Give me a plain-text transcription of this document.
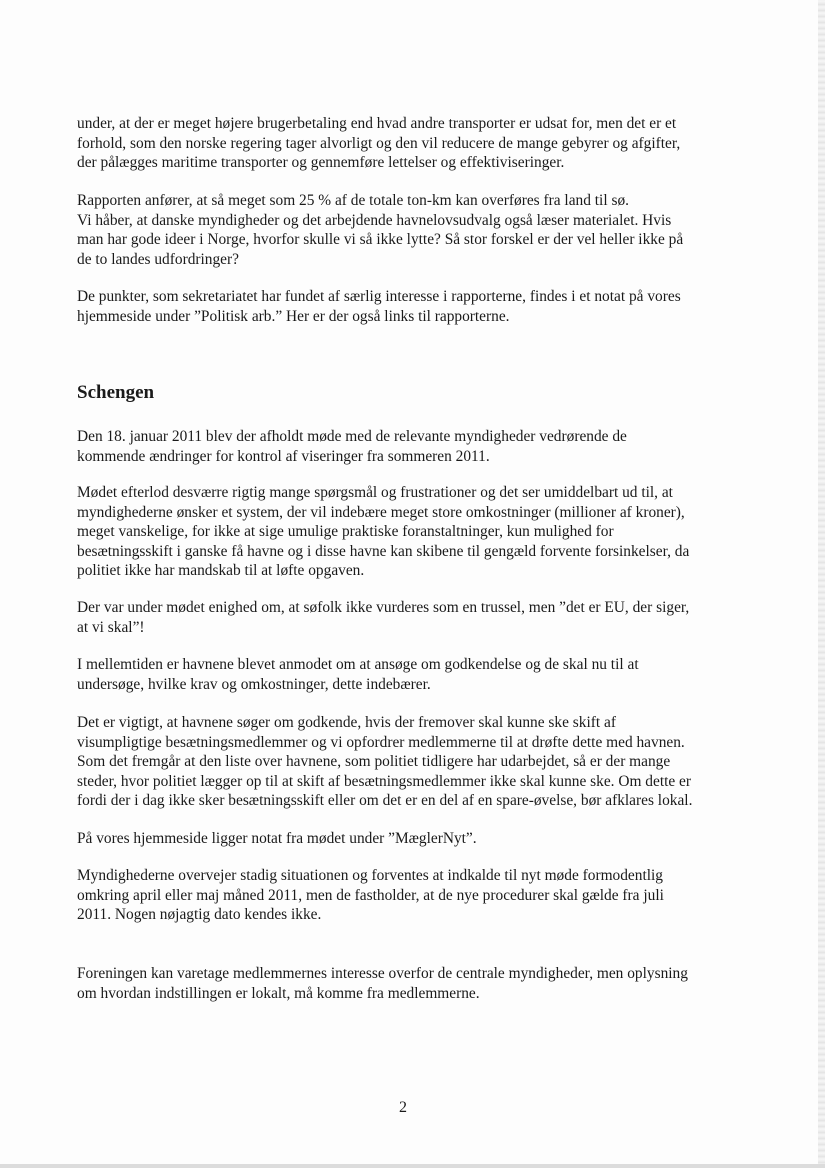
under, at der er meget højere brugerbetaling end hvad andre transporter er udsat for, men det er et
forhold, som den norske regering tager alvorligt og den vil reducere de mange gebyrer og afgifter,
der pålægges maritime transporter og gennemføre lettelser og effektiviseringer.

Rapporten anfører, at så meget som 25 % af de totale ton-km kan overføres fra land til sø.
Vi håber, at danske myndigheder og det arbejdende havnelovsudvalg også læser materialet. Hvis
man har gode ideer i Norge, hvorfor skulle vi så ikke lytte? Så stor forskel er der vel heller ikke på
de to landes udfordringer?

De punkter, som sekretariatet har fundet af særlig interesse i rapporterne, findes i et notat på vores
hjemmeside under ”Politisk arb.” Her er der også links til rapporterne.

Schengen

Den 18. januar 2011 blev der afholdt møde med de relevante myndigheder vedrørende de
kommende ændringer for kontrol af viseringer fra sommeren 2011.

Mødet efterlod desværre rigtig mange spørgsmål og frustrationer og det ser umiddelbart ud til, at
myndighederne ønsker et system, der vil indebære meget store omkostninger (millioner af kroner),
meget vanskelige, for ikke at sige umulige praktiske foranstaltninger, kun mulighed for
besætningsskift i ganske få havne og i disse havne kan skibene til gengæld forvente forsinkelser, da
politiet ikke har mandskab til at løfte opgaven.

Der var under mødet enighed om, at søfolk ikke vurderes som en trussel, men ”det er EU, der siger,
at vi skal”!

I mellemtiden er havnene blevet anmodet om at ansøge om godkendelse og de skal nu til at
undersøge, hvilke krav og omkostninger, dette indebærer.

Det er vigtigt, at havnene søger om godkende, hvis der fremover skal kunne ske skift af
visumpligtige besætningsmedlemmer og vi opfordrer medlemmerne til at drøfte dette med havnen.
Som det fremgår at den liste over havnene, som politiet tidligere har udarbejdet, så er der mange
steder, hvor politiet lægger op til at skift af besætningsmedlemmer ikke skal kunne ske. Om dette er
fordi der i dag ikke sker besætningsskift eller om det er en del af en spare-øvelse, bør afklares lokal.

På vores hjemmeside ligger notat fra mødet under ”MæglerNyt”.

Myndighederne overvejer stadig situationen og forventes at indkalde til nyt møde formodentlig
omkring april eller maj måned 2011, men de fastholder, at de nye procedurer skal gælde fra juli
2011. Nogen nøjagtig dato kendes ikke.

Foreningen kan varetage medlemmernes interesse overfor de centrale myndigheder, men oplysning
om hvordan indstillingen er lokalt, må komme fra medlemmerne.

2
